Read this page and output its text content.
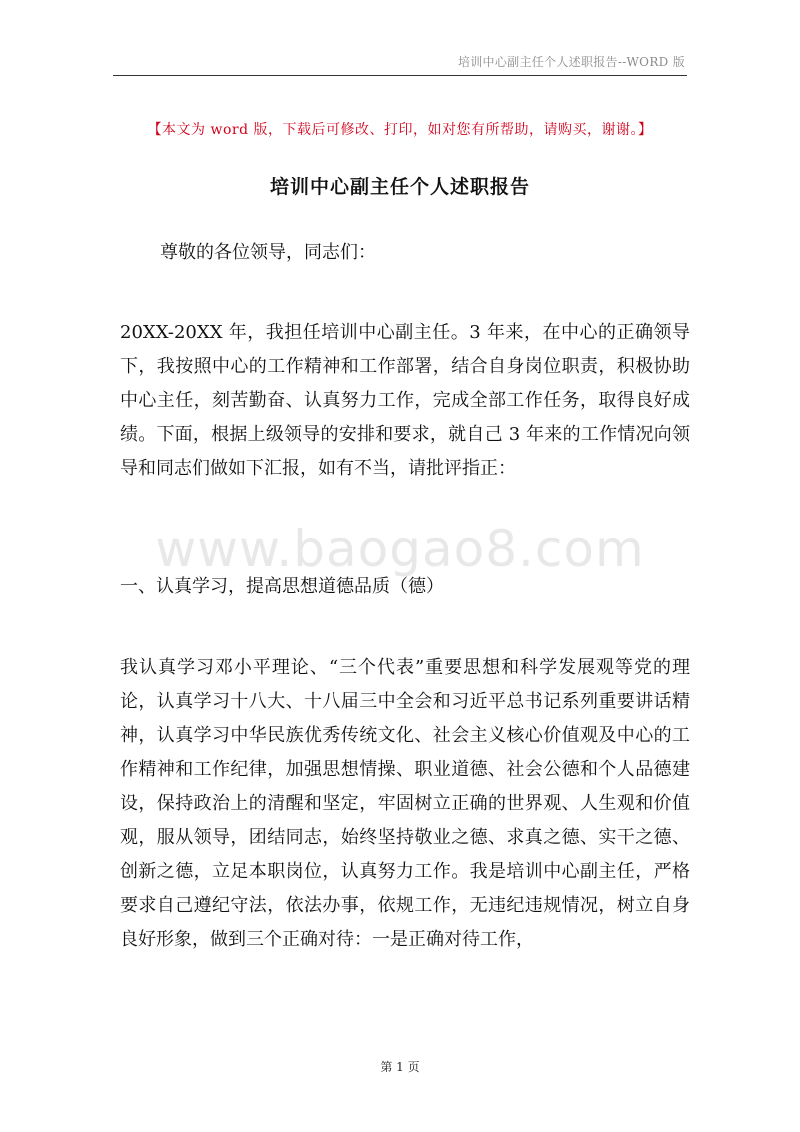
培训中心副主任个人述职报告--WORD 版
【本文为 word 版，下载后可修改、打印，如对您有所帮助，请购买，谢谢。】
培训中心副主任个人述职报告

尊敬的各位领导，同志们：

20XX-20XX 年，我担任培训中心副主任。3 年来，在中心的正确领导下，我按照中心的工作精神和工作部署，结合自身岗位职责，积极协助中心主任，刻苦勤奋、认真努力工作，完成全部工作任务，取得良好成绩。下面，根据上级领导的安排和要求，就自己 3 年来的工作情况向领导和同志们做如下汇报，如有不当，请批评指正：

www.baogao8.com

一、认真学习，提高思想道德品质（德）

我认真学习邓小平理论、“三个代表”重要思想和科学发展观等党的理论，认真学习十八大、十八届三中全会和习近平总书记系列重要讲话精神，认真学习中华民族优秀传统文化、社会主义核心价值观及中心的工作精神和工作纪律，加强思想情操、职业道德、社会公德和个人品德建设，保持政治上的清醒和坚定，牢固树立正确的世界观、人生观和价值观，服从领导，团结同志，始终坚持敬业之德、求真之德、实干之德、创新之德，立足本职岗位，认真努力工作。我是培训中心副主任，严格要求自己遵纪守法，依法办事，依规工作，无违纪违规情况，树立自身良好形象，做到三个正确对待：一是正确对待工作，

第 1 页
